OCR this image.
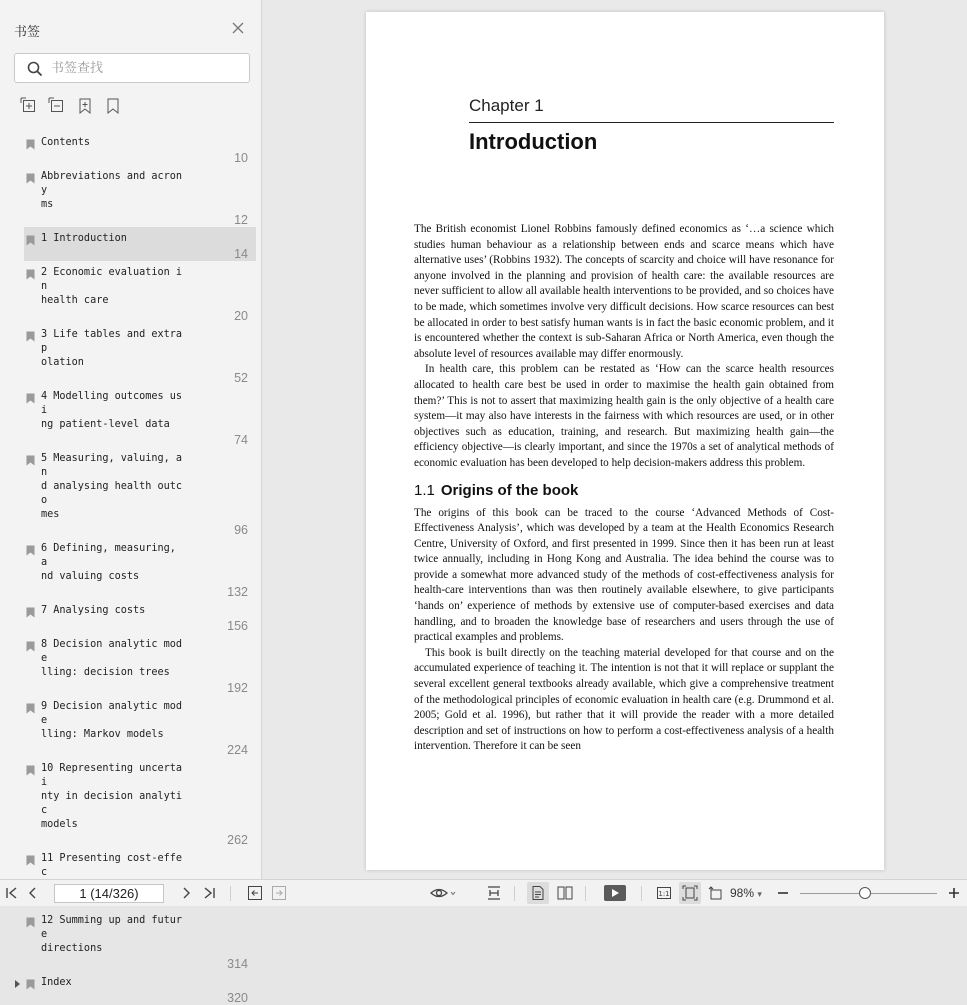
书签
书签查找
Contents
10
Abbreviations and acrony
ms
12
1 Introduction
14
2 Economic evaluation in
health care
20
3 Life tables and extrap
olation
52
4 Modelling outcomes usi
ng patient-level data
74
5 Measuring, valuing, an
d analysing health outco
mes
96
6 Defining, measuring, a
nd valuing costs
132
7 Analysing costs
156
8 Decision analytic mode
lling: decision trees
192
9 Decision analytic mode
lling: Markov models
224
10 Representing uncertai
nty in decision analytic
models
262
11 Presenting cost-effec

12 Summing up and future
directions
314
Index
320
Chapter 1
Introduction

The British economist Lionel Robbins famously defined economics as ‘…a science which studies human behaviour as a relationship between ends and scarce means which have alternative uses’ (Robbins 1932). The concepts of scarcity and choice will have resonance for anyone involved in the planning and provision of health care: the available resources are never sufficient to allow all available health interventions to be provided, and so choices have to be made, which sometimes involve very difficult decisions. How scarce resources can best be allocated in order to best satisfy human wants is in fact the basic economic problem, and it is encountered whether the context is sub-Saharan Africa or North America, even though the absolute level of resources available may differ enormously.

In health care, this problem can be restated as ‘How can the scarce health resources allocated to health care best be used in order to maximise the health gain obtained from them?’ This is not to assert that maximizing health gain is the only objective of a health care system—it may also have interests in the fairness with which resources are used, or in other objectives such as education, training, and research. But maximizing health gain—the efficiency objective—is clearly important, and since the 1970s a set of analytical methods of economic evaluation has been developed to help decision-makers address this problem.

1.1 Origins of the book

The origins of this book can be traced to the course ‘Advanced Methods of Cost-Effectiveness Analysis’, which was developed by a team at the Health Economics Research Centre, University of Oxford, and first presented in 1999. Since then it has been run at least twice annually, including in Hong Kong and Australia. The idea behind the course was to provide a somewhat more advanced study of the methods of cost-effectiveness analysis for health-care interventions than was then routinely available elsewhere, to give participants ‘hands on’ experience of methods by extensive use of computer-based exercises and data handling, and to broaden the knowledge base of researchers and users through the use of practical examples and problems.

This book is built directly on the teaching material developed for that course and on the accumulated experience of teaching it. The intention is not that it will replace or supplant the several excellent general textbooks already available, which give a comprehensive treatment of the methodological principles of economic evaluation in health care (e.g. Drummond et al. 2005; Gold et al. 1996), but rather that it will provide the reader with a more detailed description and set of instructions on how to perform a cost-effectiveness analysis of a health intervention. Therefore it can be seen

1 (14/326)
1:1	98% ▾
